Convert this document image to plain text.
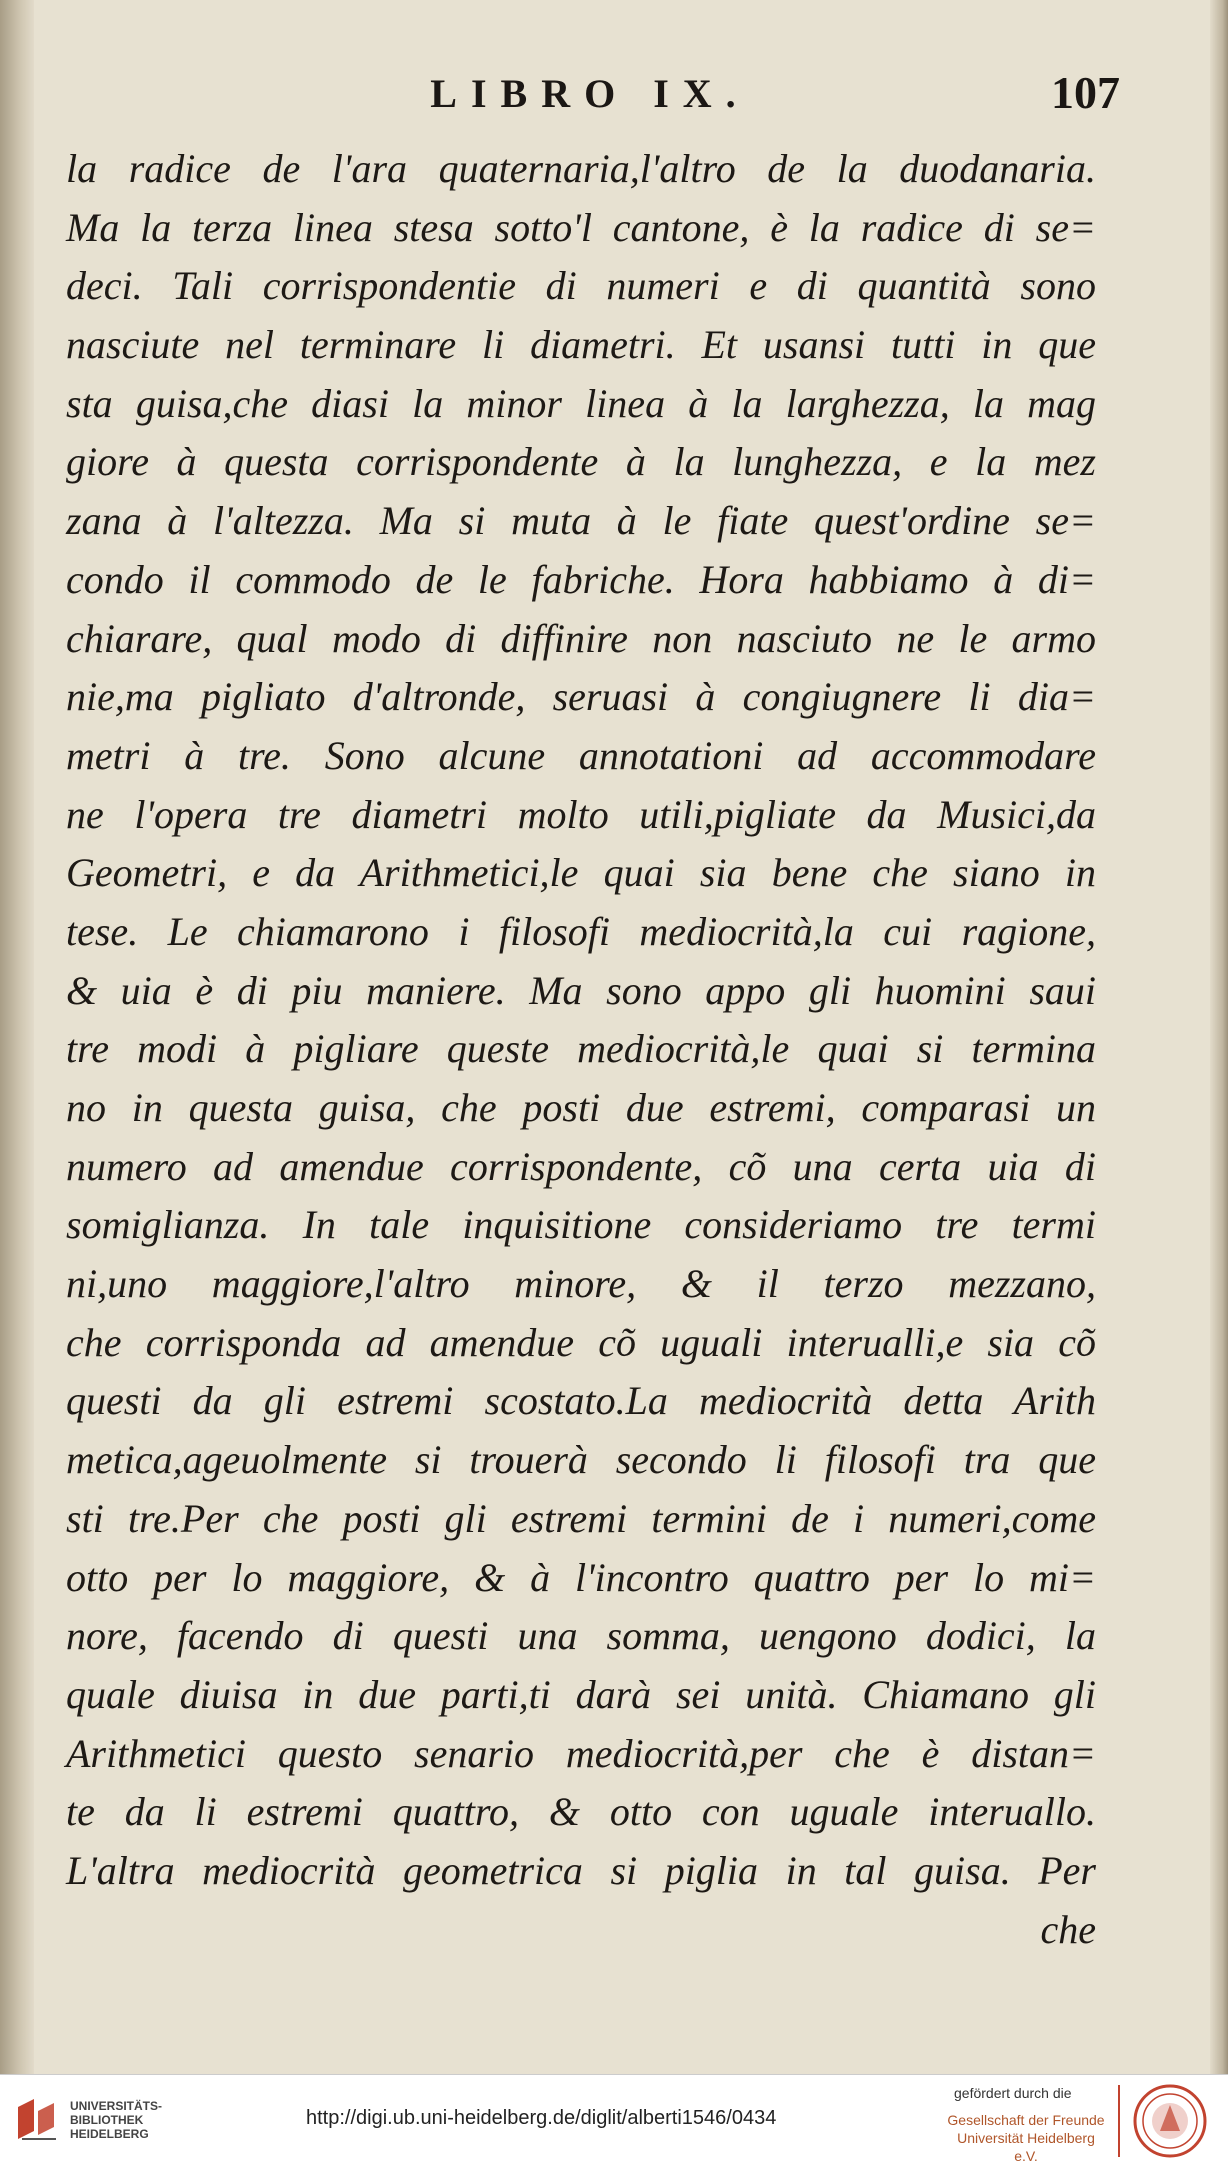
LIBRO IX.	107
la radice de l'ara quaternaria,l'altro de la duodanaria.
Ma la terza linea stesa sotto'l cantone, è la radice di se=
deci. Tali corrispondentie di numeri e di quantità sono
nasciute nel terminare li diametri. Et usansi tutti in que
sta guisa,che diasi la minor linea à la larghezza, la mag
giore à questa corrispondente à la lunghezza, e la mez
zana à l'altezza. Ma si muta à le fiate quest'ordine se=
condo il commodo de le fabriche. Hora habbiamo à di=
chiarare, qual modo di diffinire non nasciuto ne le armo
nie,ma pigliato d'altronde, seruasi à congiugnere li dia=
metri à tre. Sono alcune annotationi ad accommodare
ne l'opera tre diametri molto utili,pigliate da Musici,da
Geometri, e da Arithmetici,le quai sia bene che siano in
tese. Le chiamarono i filosofi mediocrità,la cui ragione,
& uia è di piu maniere. Ma sono appo gli huomini saui
tre modi à pigliare queste mediocrità,le quai si termina
no in questa guisa, che posti due estremi, comparasi un
numero ad amendue corrispondente, cõ una certa uia di
somiglianza. In tale inquisitione consideriamo tre termi
ni,uno maggiore,l'altro minore, & il terzo mezzano,
che corrisponda ad amendue cõ uguali interualli,e sia cõ
questi da gli estremi scostato.La mediocrità detta Arith
metica,ageuolmente si trouerà secondo li filosofi tra que
sti tre.Per che posti gli estremi termini de i numeri,come
otto per lo maggiore, & à l'incontro quattro per lo mi=
nore, facendo di questi una somma, uengono dodici, la
quale diuisa in due parti,ti darà sei unità. Chiamano gli
Arithmetici questo senario mediocrità,per che è distan=
te da li estremi quattro, & otto con uguale interuallo.
L'altra mediocrità geometrica si piglia in tal guisa. Per
che
UNIVERSITÄTS-
BIBLIOTHEK
HEIDELBERG
http://digi.ub.uni-heidelberg.de/diglit/alberti1546/0434
gefördert durch die
Gesellschaft der Freunde
Universität Heidelberg e.V.
